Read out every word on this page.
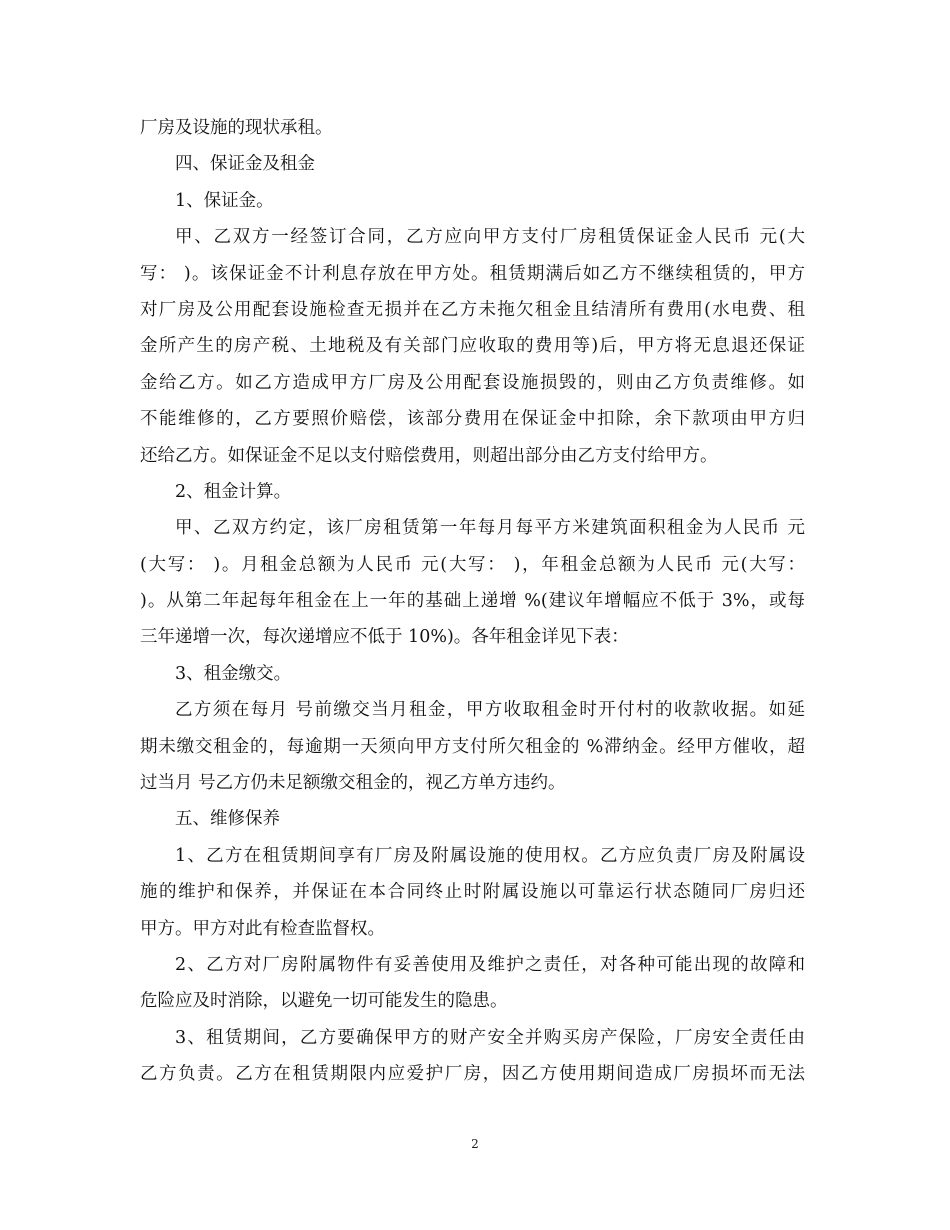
厂房及设施的现状承租。
四、保证金及租金
1、保证金。
甲、乙双方一经签订合同，乙方应向甲方支付厂房租赁保证金人民币 元(大
写： )。该保证金不计利息存放在甲方处。租赁期满后如乙方不继续租赁的，甲方
对厂房及公用配套设施检查无损并在乙方未拖欠租金且结清所有费用(水电费、租
金所产生的房产税、土地税及有关部门应收取的费用等)后，甲方将无息退还保证
金给乙方。如乙方造成甲方厂房及公用配套设施损毁的，则由乙方负责维修。如
不能维修的，乙方要照价赔偿，该部分费用在保证金中扣除，余下款项由甲方归
还给乙方。如保证金不足以支付赔偿费用，则超出部分由乙方支付给甲方。
2、租金计算。
甲、乙双方约定，该厂房租赁第一年每月每平方米建筑面积租金为人民币 元
(大写： )。月租金总额为人民币 元(大写： )，年租金总额为人民币 元(大写：
)。从第二年起每年租金在上一年的基础上递增 %(建议年增幅应不低于 3%，或每
三年递增一次，每次递增应不低于 10%)。各年租金详见下表：
3、租金缴交。
乙方须在每月 号前缴交当月租金，甲方收取租金时开付村的收款收据。如延
期未缴交租金的，每逾期一天须向甲方支付所欠租金的 %滞纳金。经甲方催收，超
过当月 号乙方仍未足额缴交租金的，视乙方单方违约。
五、维修保养
1、乙方在租赁期间享有厂房及附属设施的使用权。乙方应负责厂房及附属设
施的维护和保养，并保证在本合同终止时附属设施以可靠运行状态随同厂房归还
甲方。甲方对此有检查监督权。
2、乙方对厂房附属物件有妥善使用及维护之责任，对各种可能出现的故障和
危险应及时消除，以避免一切可能发生的隐患。
3、租赁期间，乙方要确保甲方的财产安全并购买房产保险，厂房安全责任由
乙方负责。乙方在租赁期限内应爱护厂房，因乙方使用期间造成厂房损坏而无法
2
